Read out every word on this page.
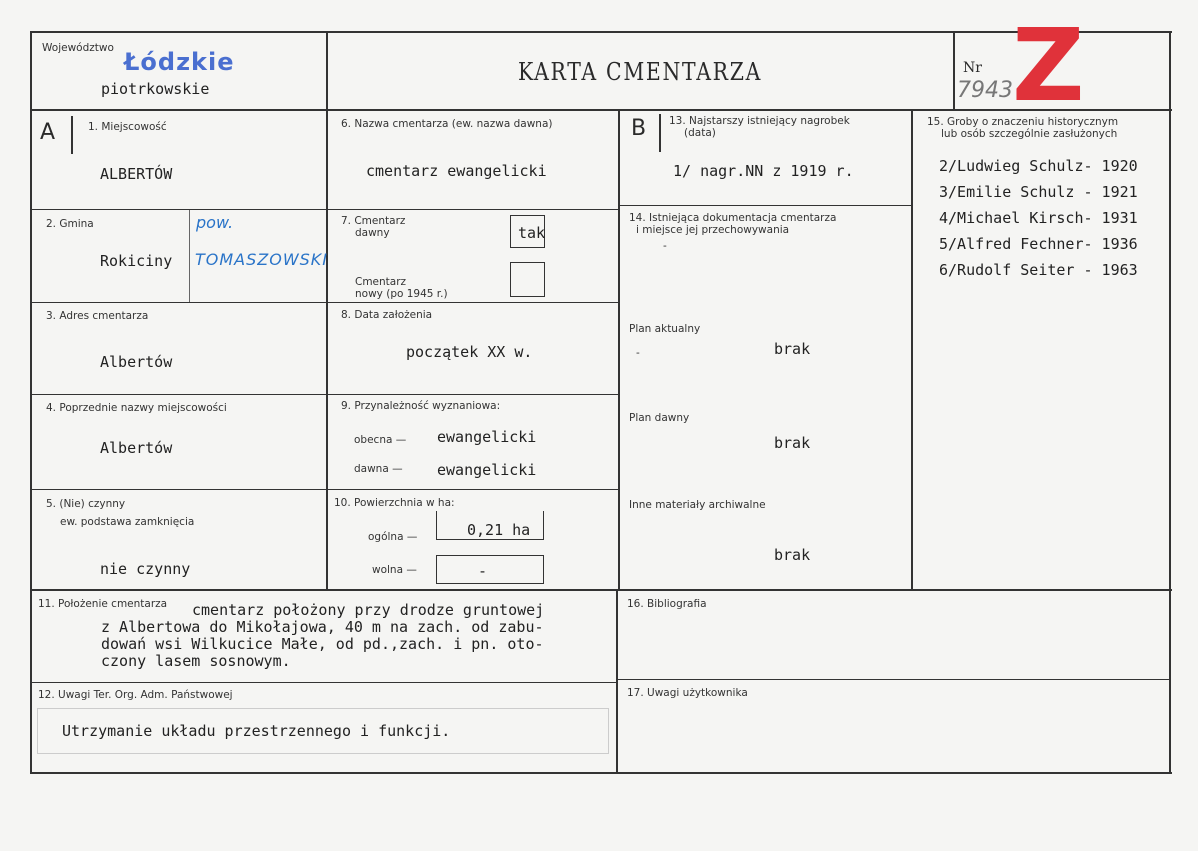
Województwo Łódzkie
piotrkowskie
KARTA CMENTARZA	Nr
7943 Z
A	B
1. Miejscowość
ALBERTÓW
2. Gmina
Rokiciny
pow.
TOMASZOWSKI
3. Adres cmentarza
Albertów
4. Poprzednie nazwy miejscowości
Albertów
5. (Nie) czynny
ew. podstawa zamknięcia
nie czynny
6. Nazwa cmentarza (ew. nazwa dawna)
cmentarz ewangelicki
7. Cmentarz
dawny	tak
Cmentarz
nowy (po 1945 r.)
8. Data założenia
początek XX w.
9. Przynależność wyznaniowa:
obecna — ewangelicki
dawna — ewangelicki
10. Powierzchnia w ha:
ogólna —	0,21 ha
wolna —	-
13. Najstarszy istniejący nagrobek
(data)
1/ nagr.NN z 1919 r.
14. Istniejąca dokumentacja cmentarza
i miejsce jej przechowywania
-
Plan aktualny
-	brak
Plan dawny
brak
Inne materiały archiwalne
brak
15. Groby o znaczeniu historycznym
lub osób szczególnie zasłużonych
2/Ludwieg Schulz- 1920
3/Emilie Schulz - 1921
4/Michael Kirsch- 1931
5/Alfred Fechner- 1936
6/Rudolf Seiter - 1963
11. Położenie cmentarza cmentarz położony przy drodze gruntowej
z Albertowa do Mikołajowa, 40 m na zach. od zabu-
dowań wsi Wilkucice Małe, od pd.,zach. i pn. oto-
czony lasem sosnowym.
12. Uwagi Ter. Org. Adm. Państwowej
Utrzymanie układu przestrzennego i funkcji.
16. Bibliografia
17. Uwagi użytkownika
